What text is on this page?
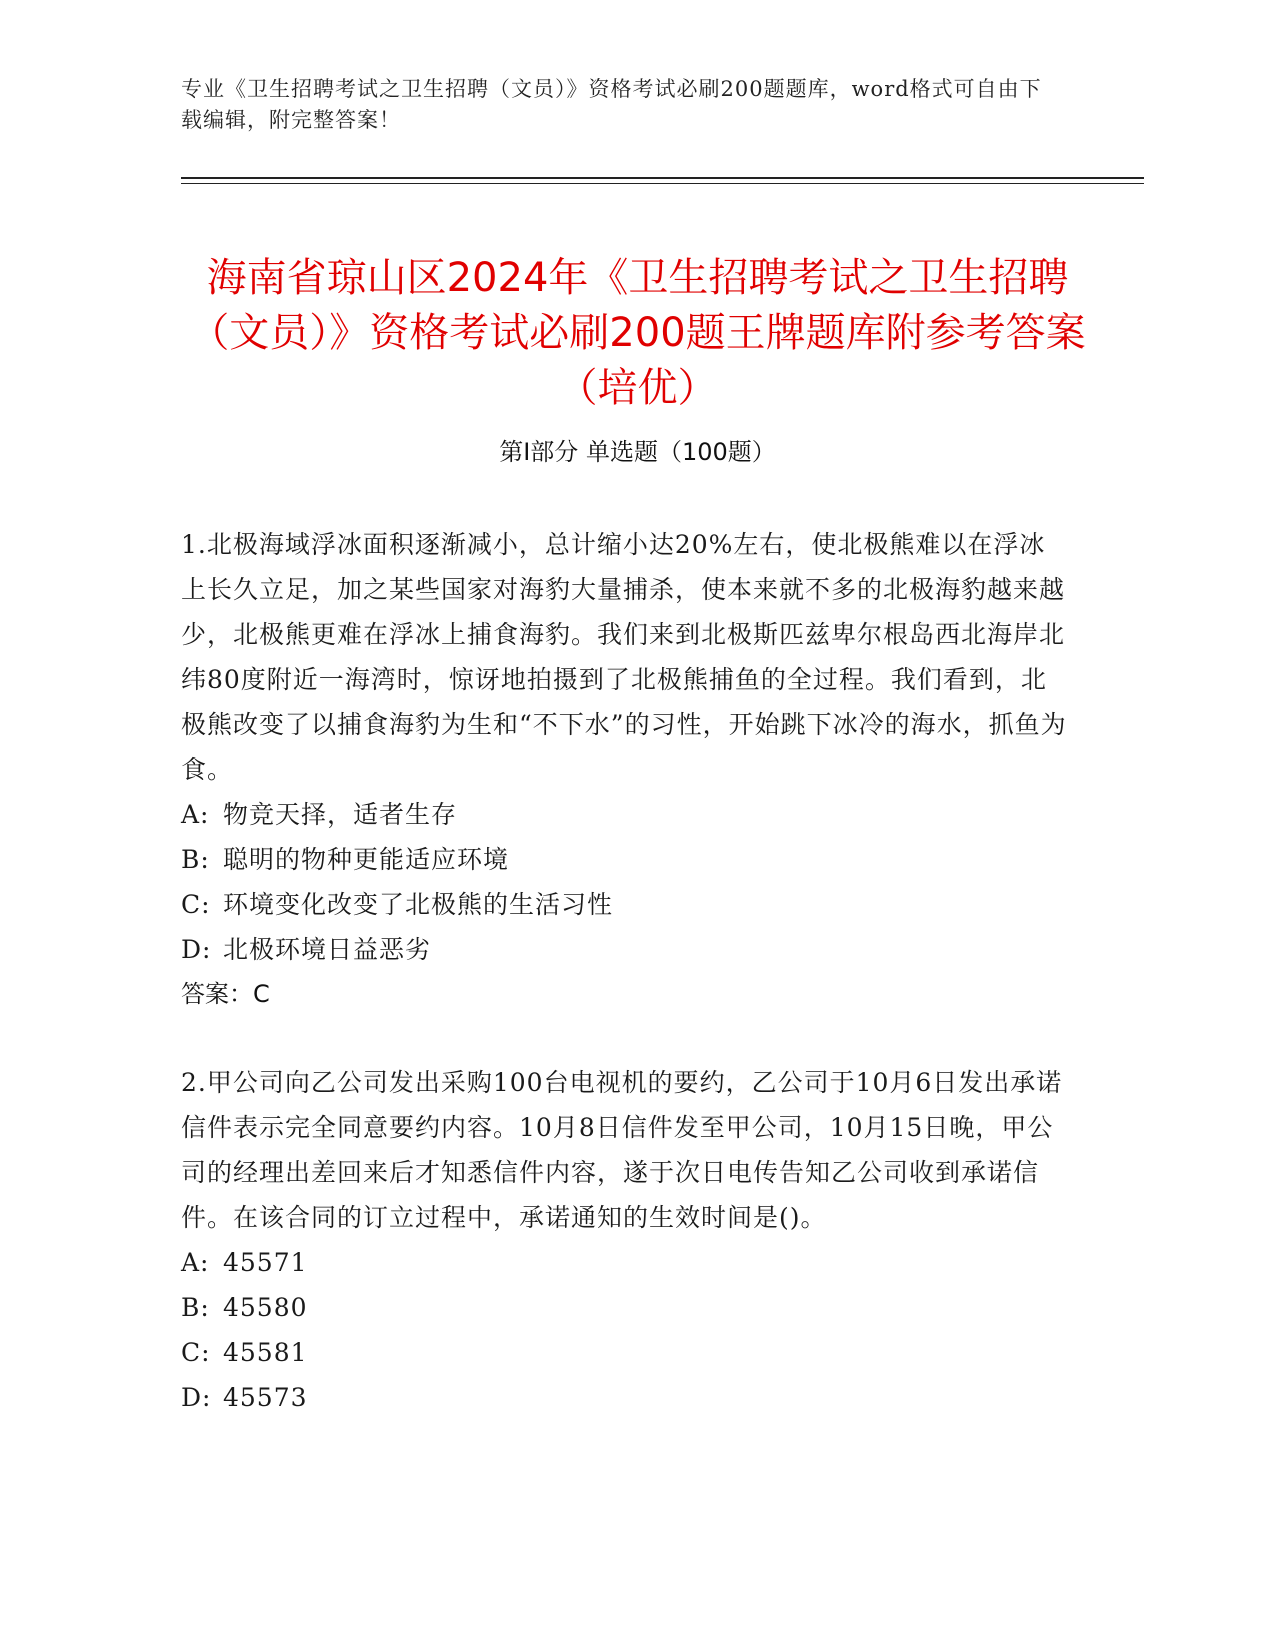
专业《卫生招聘考试之卫生招聘（文员）》资格考试必刷200题题库，word格式可自由下载编辑，附完整答案！
海南省琼山区2024年《卫生招聘考试之卫生招聘（文员）》资格考试必刷200题王牌题库附参考答案（培优）
第Ⅰ部分 单选题（100题）

1.北极海域浮冰面积逐渐减小，总计缩小达20%左右，使北极熊难以在浮冰上长久立足，加之某些国家对海豹大量捕杀，使本来就不多的北极海豹越来越少，北极熊更难在浮冰上捕食海豹。我们来到北极斯匹兹卑尔根岛西北海岸北纬80度附近一海湾时，惊讶地拍摄到了北极熊捕鱼的全过程。我们看到，北极熊改变了以捕食海豹为生和“不下水”的习性，开始跳下冰冷的海水，抓鱼为食。

A: 物竞天择，适者生存
B: 聪明的物种更能适应环境
C: 环境变化改变了北极熊的生活习性
D: 北极环境日益恶劣
答案：C

2.甲公司向乙公司发出采购100台电视机的要约，乙公司于10月6日发出承诺信件表示完全同意要约内容。10月8日信件发至甲公司，10月15日晚，甲公司的经理出差回来后才知悉信件内容，遂于次日电传告知乙公司收到承诺信件。在该合同的订立过程中，承诺通知的生效时间是()。

A: 45571
B: 45580
C: 45581
D: 45573
